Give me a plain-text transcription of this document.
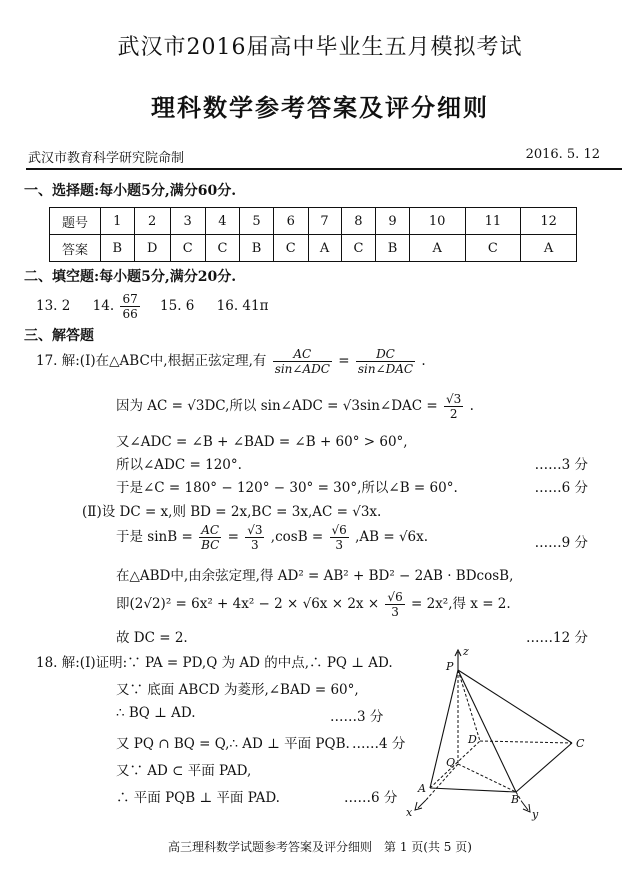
武汉市2016届高中毕业生五月模拟考试
理科数学参考答案及评分细则
武汉市教育科学研究院命制	2016. 5. 12
一、选择题:每小题5分,满分60分.
题号	1	2	3	4	5	6	7	8	9	10	11	12
答案	B	D	C	C	B	C	A	C	B	A	C	A
二、填空题:每小题5分,满分20分.
13. 2 14. $\frac{67}{66} 15$. 6 16. 41π
三、解答题
17. 解:(Ⅰ)在△ABC中,根据正弦定理,有 $\frac{AC}{\text{sin∠ADC}} = \frac{DC}{\text{sin∠DAC}}$ .
因为 AC = √3DC,所以 sin∠ADC = √3sin∠DAC = $\frac{√3}{2}$ .
又∠ADC = ∠B + ∠BAD = ∠B + 60° > 60°,
所以∠ADC = 120°.	……3 分
于是∠C = 180° − 120° − 30° = 30°,所以∠B = 60°.	……6 分
(Ⅱ)设 DC = x,则 BD = 2x,BC = 3x,AC = √3x.
于是 $\sin B = \frac{AC}{BC} = \frac{√3}{3} ,\cos B = \frac{√6}{3} ,AB = √6x$.	……9 分
在△ABD中,由余弦定理,得 AD² = AB² + BD² − 2AB · BDcosB,
即$(2√2)^2 = 6x^2 + 4x^2 - 2 \times √6x \times 2x \times \frac{√6}{3} = 2x^2$,得 x = 2.
故 DC = 2.	……12 分
18. 解:(Ⅰ)证明:∵ PA = PD,Q 为 AD 的中点,∴ PQ ⊥ AD.
又∵ 底面 ABCD 为菱形,∠BAD = 60°,
∴ BQ ⊥ AD.	……3 分
又 PQ ∩ BQ = Q,∴ AD ⊥ 平面 PQB. ……4 分
又∵ AD ⊂ 平面 PAD,
∴ 平面 PQB ⊥ 平面 PAD.	……6 分
z
P
D	C
Q
A
B
x	y
高三理科数学试题参考答案及评分细则　第 1 页(共 5 页)
